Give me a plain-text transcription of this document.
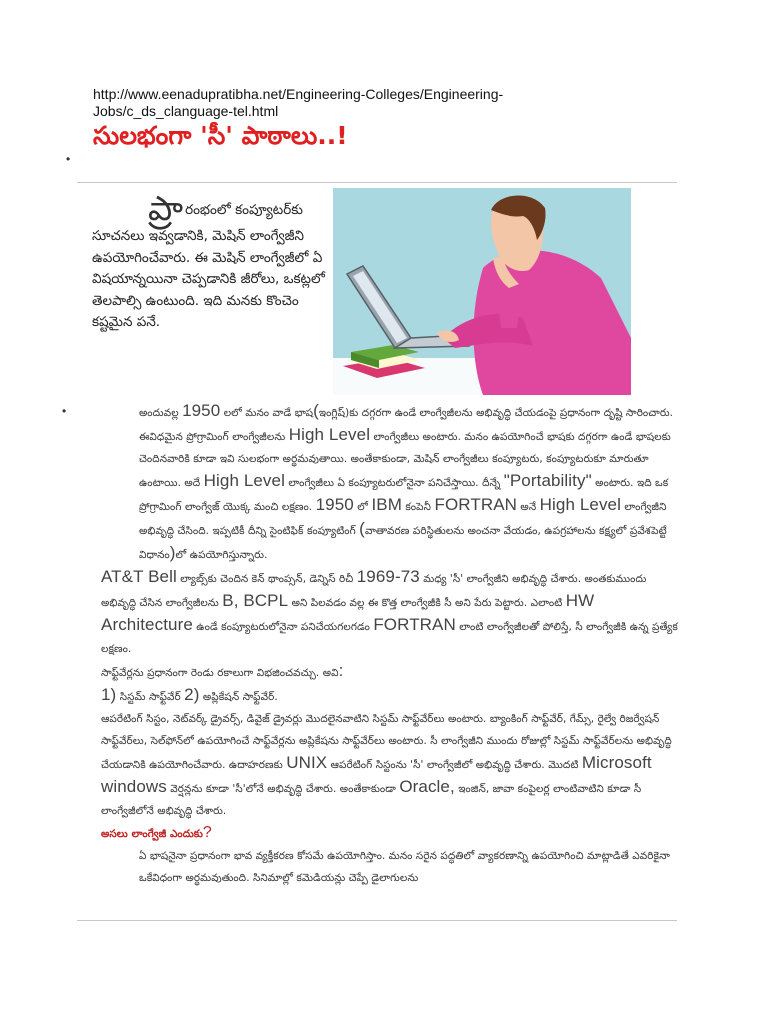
http://www.eenadupratibha.net/Engineering-Colleges/Engineering-Jobs/c_ds_clanguage-tel.html
సులభంగా 'సీ' పాఠాలు..!
•
ప్రా రంభంలో కంప్యూటర్‌కు సూచనలు ఇవ్వడానికి, మెషిన్ లాంగ్వేజీని ఉపయోగించేవారు. ఈ మెషిన్ లాంగ్వేజీలో ఏ విషయాన్నయినా చెప్పడానికి జీరోలు, ఒకట్లలో తెలపాల్సి ఉంటుంది. ఇది మనకు కొంచెం కష్టమైన పనే.
•	అందువల్ల 1950 లలో మనం వాడే భాష(ఇంగ్లిష్)కు దగ్గరగా ఉండే లాంగ్వేజీలను అభివృద్ధి చేయడంపై ప్రధానంగా దృష్టి సారించారు. ఈవిధమైన ప్రోగ్రామింగ్ లాంగ్వేజీలను High Level లాంగ్వేజీలు అంటారు. మనం ఉపయోగించే భాషకు దగ్గరగా ఉండే భాషలకు చెందినవారికి కూడా ఇవి సులభంగా అర్థమవుతాయి. అంతేకాకుండా, మెషిన్ లాంగ్వేజీలు కంప్యూటరు, కంప్యూటరుకూ మారుతూ ఉంటాయి. అదే High Level లాంగ్వేజీలు ఏ కంప్యూటరులోనైనా పనిచేస్తాయి. దీన్నే "Portability" అంటారు. ఇది ఒక ప్రోగ్రామింగ్ లాంగ్వేజ్ యొక్క మంచి లక్షణం. 1950 లో IBM కంపెనీ FORTRAN అనే High Level లాంగ్వేజీని అభివృద్ధి చేసింది. ఇప్పటికీ దీన్ని సైంటిఫిక్ కంప్యూటింగ్ (వాతావరణ పరిస్థితులను అంచనా వేయడం, ఉపగ్రహాలను కక్ష్యలో ప్రవేశపెట్టే విధానం)లో ఉపయోగిస్తున్నారు.

AT&T Bell ల్యాబ్స్‌కు చెందిన కెన్ థాంప్సన్, డెన్నిస్ రిచీ 1969-73 మధ్య 'సీ' లాంగ్వేజీని అభివృద్ధి చేశారు. అంతకుముందు అభివృద్ధి చేసిన లాంగ్వేజీలను B, BCPL అని పిలవడం వల్ల ఈ కొత్త లాంగ్వేజీకి సీ అని పేరు పెట్టారు. ఎలాంటి HW Architecture ఉండే కంప్యూటరులోనైనా పనిచేయగలగడం FORTRAN లాంటి లాంగ్వేజీలతో పోలిస్తే, సీ లాంగ్వేజీకి ఉన్న ప్రత్యేక లక్షణం.

సాఫ్ట్‌వేర్లను ప్రధానంగా రెండు రకాలుగా విభజించవచ్చు. అవి:

1) సిస్టమ్ సాఫ్ట్‌వేర్ 2) అప్లికేషన్ సాఫ్ట్‌వేర్.

ఆపరేటింగ్ సిస్టం, నెట్‌వర్క్ డ్రైవర్స్, డివైజ్ డ్రైవర్లు మొదలైనవాటిని సిస్టమ్ సాఫ్ట్‌వేర్‌లు అంటారు. బ్యాంకింగ్ సాఫ్ట్‌వేర్, గేమ్స్, రైల్వే రిజర్వేషన్ సాఫ్ట్‌వేర్‌లు, సెల్‌ఫోన్‌లో ఉపయోగించే సాఫ్ట్‌వేర్లను అప్లికేషను సాఫ్ట్‌వేర్‌లు అంటారు. సీ లాంగ్వేజీని ముందు రోజుల్లో సిస్టమ్ సాఫ్ట్‌వేర్‌లను అభివృద్ధి చేయడానికి ఉపయోగించేవారు. ఉదాహరణకు UNIX ఆపరేటింగ్ సిస్టంను 'సీ' లాంగ్వేజీలో అభివృద్ధి చేశారు. మొదటి Microsoft windows వెర్షన్లను కూడా 'సీ'లోనే అభివృద్ధి చేశారు. అంతేకాకుండా Oracle, ఇంజిన్, జావా కంపైలర్ల లాంటివాటిని కూడా సీ లాంగ్వేజీలోనే అభివృద్ధి చేశారు.

అసలు లాంగ్వేజీ ఎందుకు?

ఏ భాషనైనా ప్రధానంగా భావ వ్యక్తీకరణ కోసమే ఉపయోగిస్తాం. మనం సరైన పద్ధతిలో వ్యాకరణాన్ని ఉపయోగించి మాట్లాడితే ఎవరికైనా ఒకేవిధంగా అర్థమవుతుంది. సినిమాల్లో కమెడియన్లు చెప్పే డైలాగులను
